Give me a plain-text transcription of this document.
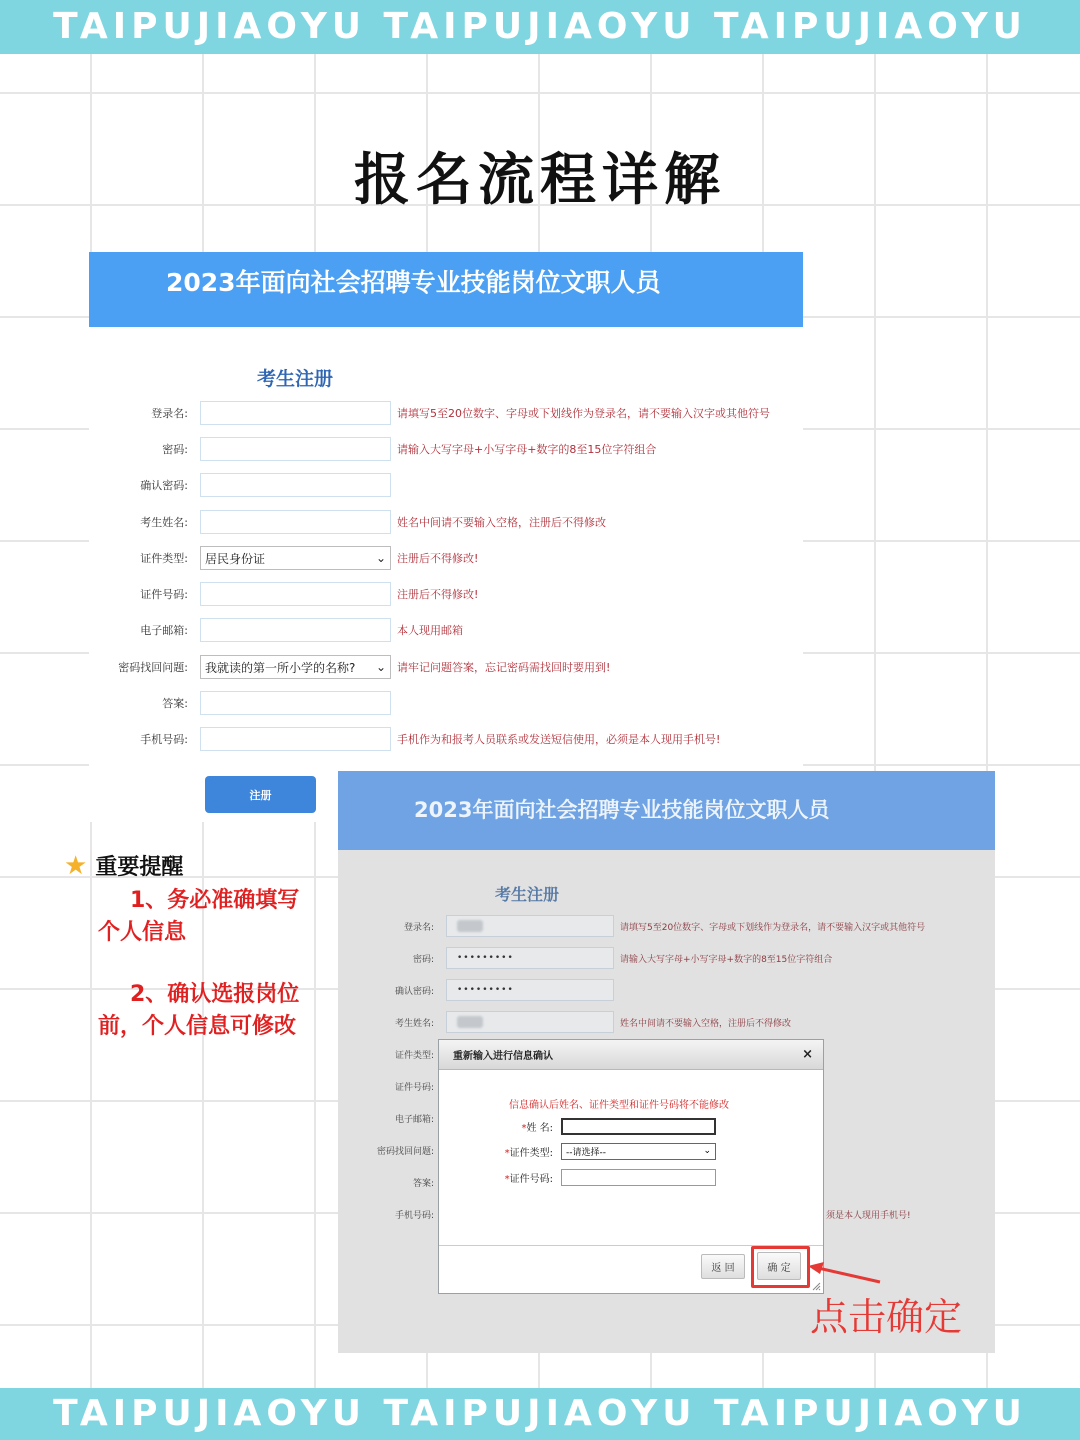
TAIPUJIAOYU TAIPUJIAOYU TAIPUJIAOYU
报名流程详解
2023年面向社会招聘专业技能岗位文职人员
考生注册
登录名:	请填写5至20位数字、字母或下划线作为登录名，请不要输入汉字或其他符号
密码:	请输入大写字母+小写字母+数字的8至15位字符组合
确认密码:
考生姓名:	姓名中间请不要输入空格，注册后不得修改
证件类型: 居民身份证	⌄ 注册后不得修改!
证件号码:	注册后不得修改!
电子邮箱:	本人现用邮箱
密码找回问题: 我就读的第一所小学的名称? ⌄ 请牢记问题答案，忘记密码需找回时要用到!
答案:
手机号码:	手机作为和报考人员联系或发送短信使用，必须是本人现用手机号!
注册
★ 重要提醒
1、务必准确填写
个人信息
2、确认选报岗位
前，个人信息可修改
2023年面向社会招聘专业技能岗位文职人员
考生注册
登录名:	请填写5至20位数字、字母或下划线作为登录名，请不要输入汉字或其他符号
密码:	•••••••••	请输入大写字母+小写字母+数字的8至15位字符组合
确认密码:	•••••••••
考生姓名:	姓名中间请不要输入空格，注册后不得修改
证件类型:
证件号码:
电子邮箱:
密码找回问题:
答案:
手机号码:	须是本人现用手机号!
重新输入进行信息确认	×
信息确认后姓名、证件类型和证件号码将不能修改
*姓 名:
*证件类型: --请选择--	⌄
*证件号码:
返 回	确 定
点击确定
TAIPUJIAOYU TAIPUJIAOYU TAIPUJIAOYU
